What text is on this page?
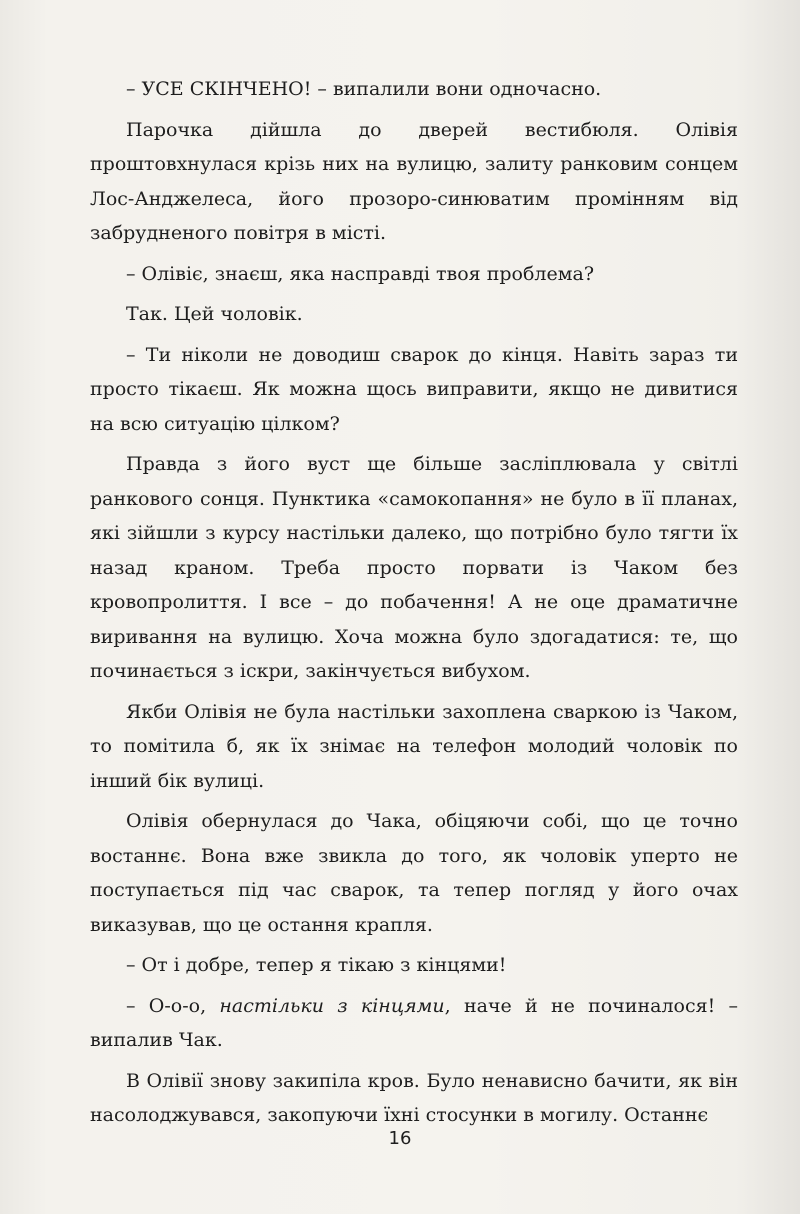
– УСЕ СКІНЧЕНО! – випалили вони одночасно.

Парочка дійшла до дверей вестибюля. Олівія проштовхнулася крізь них на вулицю, залиту ранковим сонцем Лос-Анджелеса, його прозоро-синюватим промінням від забрудненого повітря в місті.

– Олівіє, знаєш, яка насправді твоя проблема?

Так. Цей чоловік.

– Ти ніколи не доводиш сварок до кінця. Навіть зараз ти просто тікаєш. Як можна щось виправити, якщо не дивитися на всю ситуацію цілком?

Правда з його вуст ще більше засліплювала у світлі ранкового сонця. Пунктика «самокопання» не було в її планах, які зійшли з курсу настільки далеко, що потрібно було тягти їх назад краном. Треба просто порвати із Чаком без кровопролиття. І все – до побачення! А не оце драматичне виривання на вулицю. Хоча можна було здогадатися: те, що починається з іскри, закінчується вибухом.

Якби Олівія не була настільки захоплена сваркою із Чаком, то помітила б, як їх знімає на телефон молодий чоловік по інший бік вулиці.

Олівія обернулася до Чака, обіцяючи собі, що це точно востаннє. Вона вже звикла до того, як чоловік уперто не поступається під час сварок, та тепер погляд у його очах виказував, що це остання крапля.

– От і добре, тепер я тікаю з кінцями!

– О-о-о, настільки з кінцями, наче й не починалося! – випалив Чак.

В Олівії знову закипіла кров. Було ненависно бачити, як він насолоджувався, закопуючи їхні стосунки в могилу. Останнє

16
